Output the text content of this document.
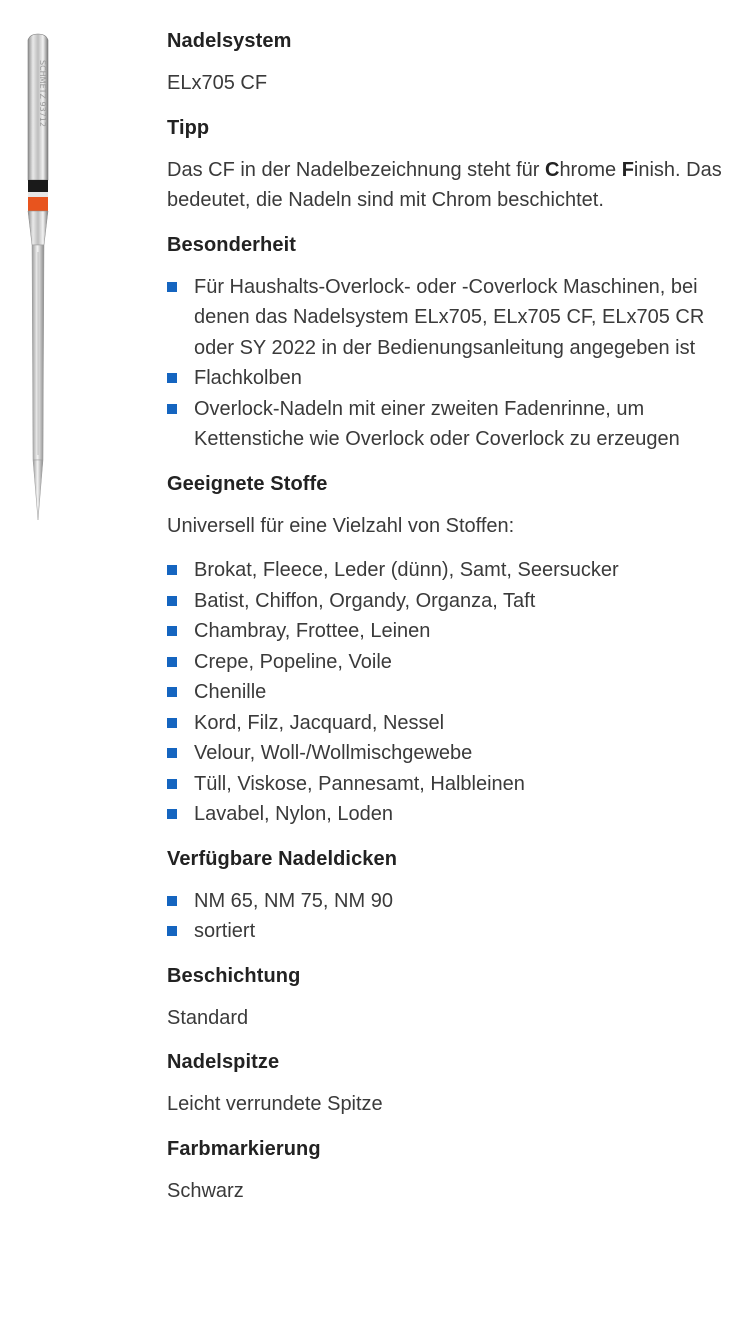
SCHMETZ 93712
Nadelsystem
ELx705 CF
Tipp
Das CF in der Nadelbezeichnung steht für Chrome Finish. Das bedeutet, die Nadeln sind mit Chrom beschichtet.
Besonderheit
Für Haushalts-Overlock- oder -Coverlock Maschinen, bei denen das Nadelsystem ELx705, ELx705 CF, ELx705 CR oder SY 2022 in der Bedienungsanleitung angegeben ist
Flachkolben
Overlock-Nadeln mit einer zweiten Fadenrinne, um Kettenstiche wie Overlock oder Coverlock zu erzeugen
Geeignete Stoffe
Universell für eine Vielzahl von Stoffen:
Brokat, Fleece, Leder (dünn), Samt, Seersucker
Batist, Chiffon, Organdy, Organza, Taft
Chambray, Frottee, Leinen
Crepe, Popeline, Voile
Chenille
Kord, Filz, Jacquard, Nessel
Velour, Woll-/Wollmischgewebe
Tüll, Viskose, Pannesamt, Halbleinen
Lavabel, Nylon, Loden
Verfügbare Nadeldicken
NM 65, NM 75, NM 90
sortiert
Beschichtung
Standard
Nadelspitze
Leicht verrundete Spitze
Farbmarkierung
Schwarz
